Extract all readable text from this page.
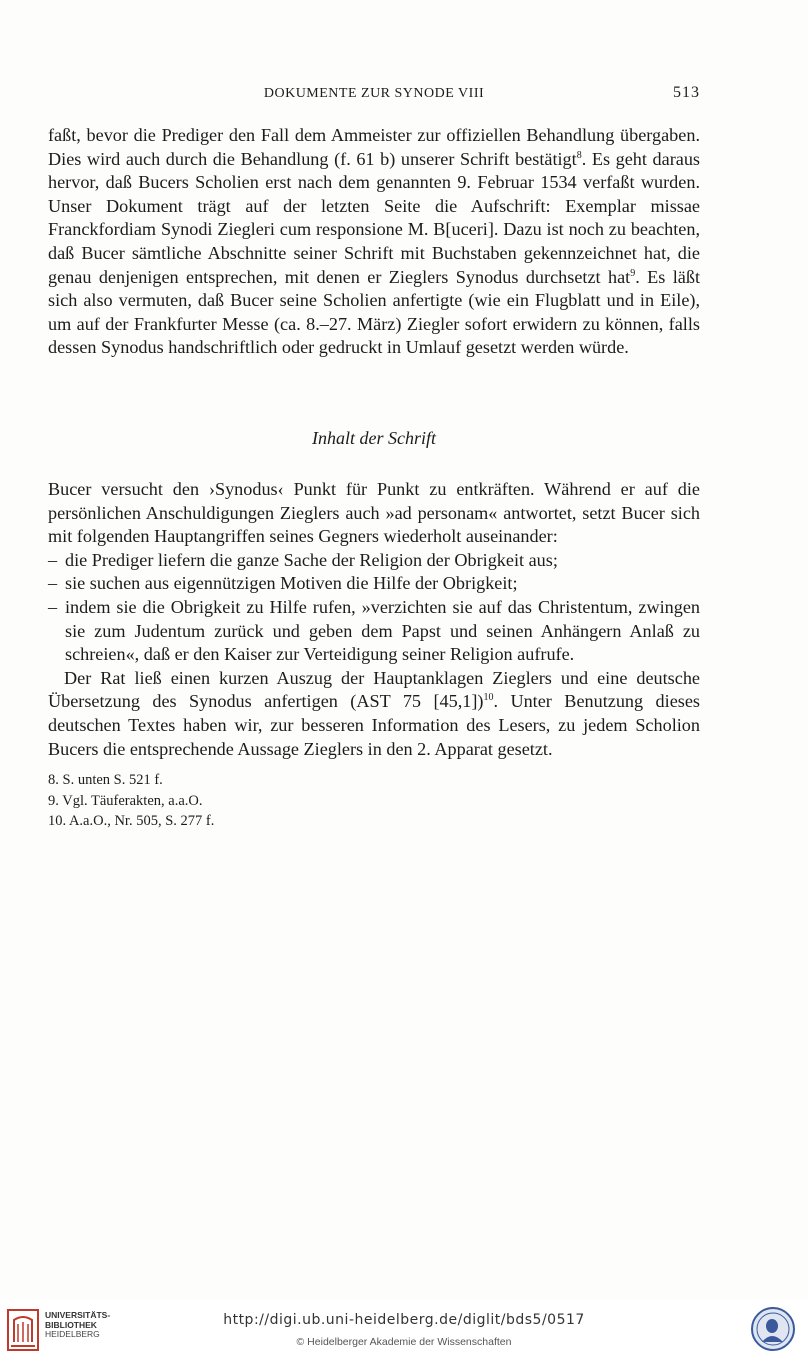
DOKUMENTE ZUR SYNODE VIII	513

faßt, bevor die Prediger den Fall dem Ammeister zur offiziellen Behandlung übergaben. Dies wird auch durch die Behandlung (f. 61 b) unserer Schrift bestätigt$^8$. Es geht daraus hervor, daß Bucers Scholien erst nach dem genannten 9. Februar 1534 verfaßt wurden. Unser Dokument trägt auf der letzten Seite die Aufschrift: Exemplar missae Franckfordiam Synodi Ziegleri cum responsione M. B[uceri]. Dazu ist noch zu beachten, daß Bucer sämtliche Abschnitte seiner Schrift mit Buchstaben gekennzeichnet hat, die genau denjenigen entsprechen, mit denen er Zieglers Synodus durchsetzt hat$^9$. Es läßt sich also vermuten, daß Bucer seine Scholien anfertigte (wie ein Flugblatt und in Eile), um auf der Frankfurter Messe (ca. 8.–27. März) Ziegler sofort erwidern zu können, falls dessen Synodus handschriftlich oder gedruckt in Umlauf gesetzt werden würde.

Inhalt der Schrift

Bucer versucht den ›Synodus‹ Punkt für Punkt zu entkräften. Während er auf die persönlichen Anschuldigungen Zieglers auch »ad personam« antwortet, setzt Bucer sich mit folgenden Hauptangriffen seines Gegners wiederholt auseinander:

– die Prediger liefern die ganze Sache der Religion der Obrigkeit aus;
– sie suchen aus eigennützigen Motiven die Hilfe der Obrigkeit;
– indem sie die Obrigkeit zu Hilfe rufen, »verzichten sie auf das Christentum, zwingen sie zum Judentum zurück und geben dem Papst und seinen Anhängern Anlaß zu schreien«, daß er den Kaiser zur Verteidigung seiner Religion aufrufe.

Der Rat ließ einen kurzen Auszug der Hauptanklagen Zieglers und eine deutsche Übersetzung des Synodus anfertigen (AST 75 [45,1])$^{10}$. Unter Benutzung dieses deutschen Textes haben wir, zur besseren Information des Lesers, zu jedem Scholion Bucers die entsprechende Aussage Zieglers in den 2. Apparat gesetzt.

8. S. unten S. 521 f.
9. Vgl. Täuferakten, a.a.O.
10. A.a.O., Nr. 505, S. 277 f.
UNIVERSITÄTS-
BIBLIOTHEK
HEIDELBERG
http://digi.ub.uni-heidelberg.de/diglit/bds5/0517
© Heidelberger Akademie der Wissenschaften
